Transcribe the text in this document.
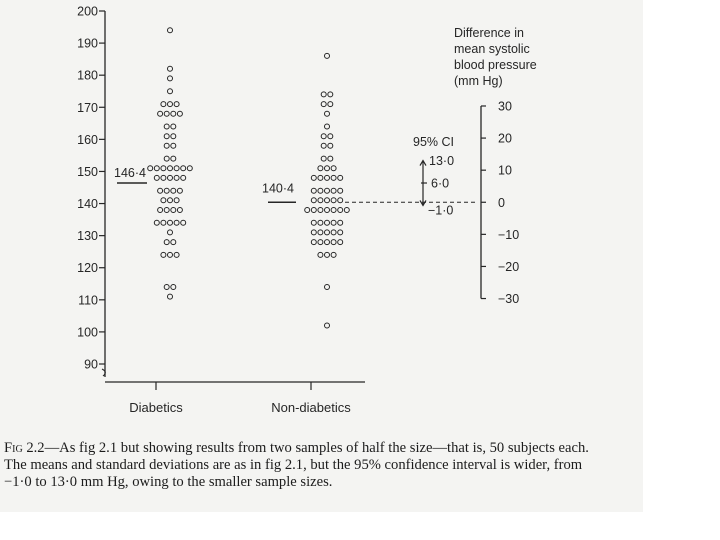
90
100
110
120
130
140
150
160
170
180
190
200
146·4
140·4
Difference in
mean systolic
blood pressure
(mm Hg)
30
20
10
0
−10
−20
−30
95% CI
13·0
6·0
−1·0
Diabetics	Non-diabetics

Fig 2.2—As fig 2.1 but showing results from two samples of half the size—that is, 50 subjects each. The means and standard deviations are as in fig 2.1, but the 95% confidence interval is wider, from −1·0 to 13·0 mm Hg, owing to the smaller sample sizes.
